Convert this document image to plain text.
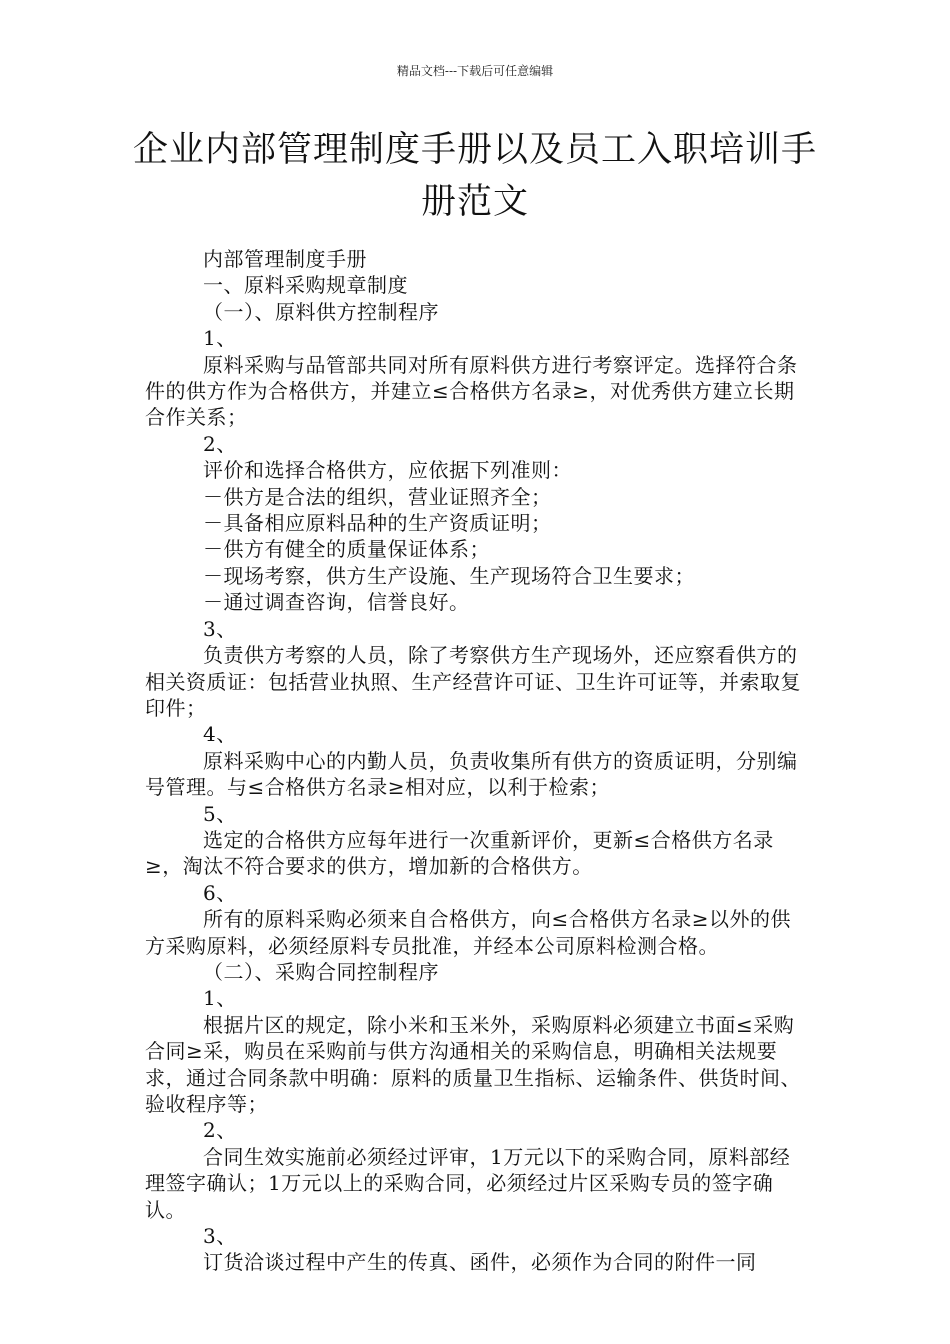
精品文档---下载后可任意编辑
企业内部管理制度手册以及员工入职培训手册范文

内部管理制度手册

一、原料采购规章制度

（一）、原料供方控制程序

1、

原料采购与品管部共同对所有原料供方进行考察评定。选择符合条件的供方作为合格供方，并建立≤合格供方名录≥，对优秀供方建立长期合作关系；

2、

评价和选择合格供方，应依据下列准则：

－供方是合法的组织，营业证照齐全；

－具备相应原料品种的生产资质证明；

－供方有健全的质量保证体系；

－现场考察，供方生产设施、生产现场符合卫生要求；

－通过调查咨询，信誉良好。

3、

负责供方考察的人员，除了考察供方生产现场外，还应察看供方的相关资质证：包括营业执照、生产经营许可证、卫生许可证等，并索取复印件；

4、

原料采购中心的内勤人员，负责收集所有供方的资质证明，分别编号管理。与≤合格供方名录≥相对应，以利于检索；

5、

选定的合格供方应每年进行一次重新评价，更新≤合格供方名录≥，淘汰不符合要求的供方，增加新的合格供方。

6、

所有的原料采购必须来自合格供方，向≤合格供方名录≥以外的供方采购原料，必须经原料专员批准，并经本公司原料检测合格。

（二）、采购合同控制程序

1、

根据片区的规定，除小米和玉米外，采购原料必须建立书面≤采购合同≥采，购员在采购前与供方沟通相关的采购信息，明确相关法规要求，通过合同条款中明确：原料的质量卫生指标、运输条件、供货时间、验收程序等；

2、

合同生效实施前必须经过评审，1万元以下的采购合同，原料部经理签字确认；1万元以上的采购合同，必须经过片区采购专员的签字确认。

3、

订货洽谈过程中产生的传真、函件，必须作为合同的附件一同
